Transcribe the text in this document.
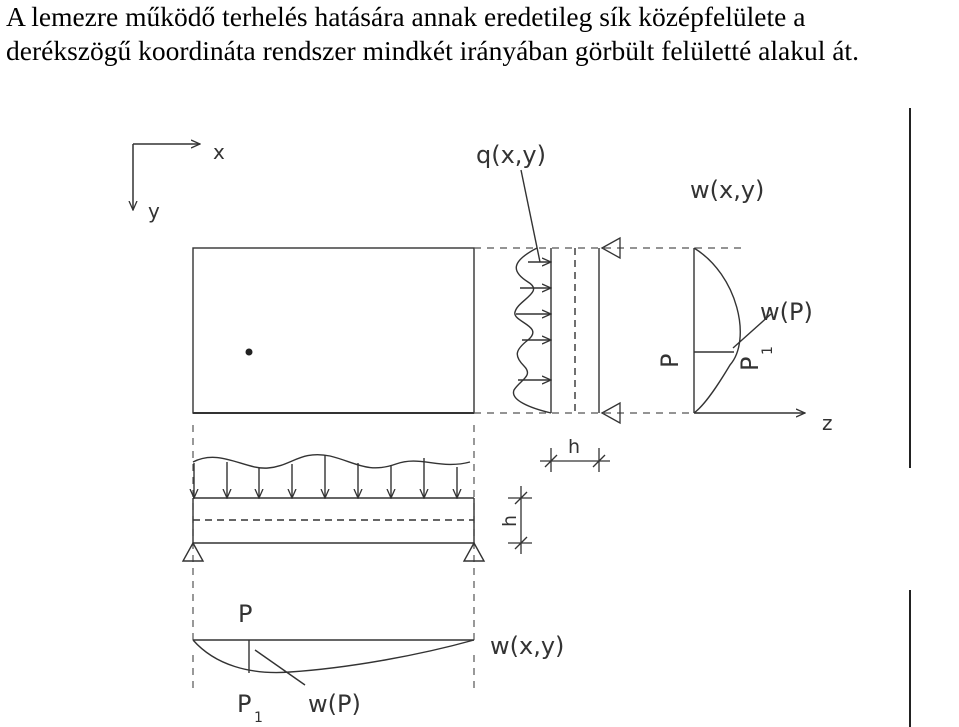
A lemezre működő terhelés hatására annak eredetileg sík középfelülete a
derékszögű koordináta rendszer mindkét irányában görbült felületté alakul át.

x
y
q(x,y)
h
w(x,y)
w(P)
z
P P
1
h
P
w(x,y)
P 1 w(P)
